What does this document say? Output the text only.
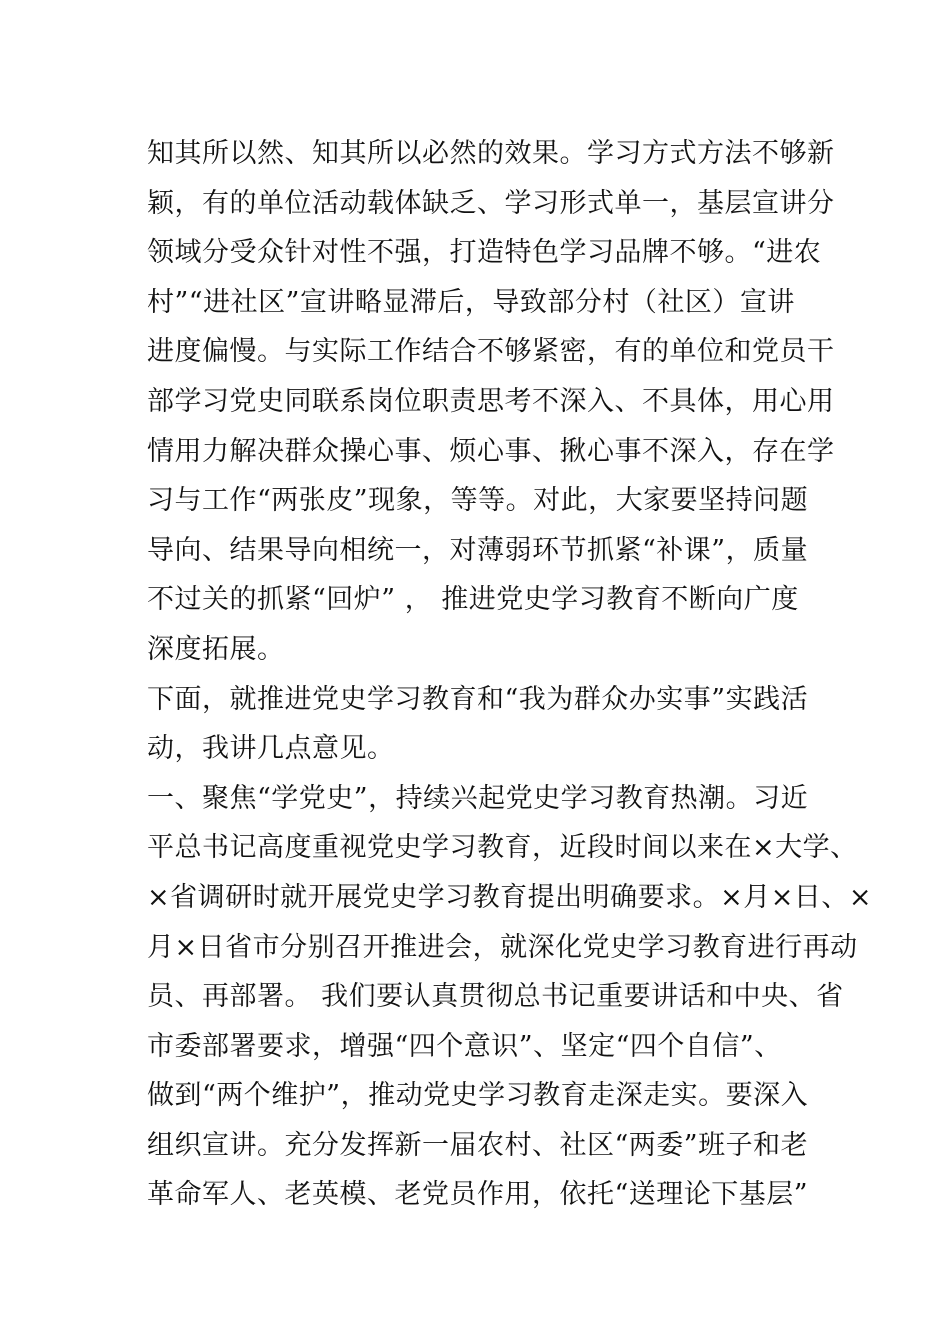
知其所以然、知其所以必然的效果。学习方式方法不够新
颖，有的单位活动载体缺乏、学习形式单一，基层宣讲分
领域分受众针对性不强，打造特色学习品牌不够。“进农
村”“进社区”宣讲略显滞后，导致部分村（社区）宣讲
进度偏慢。与实际工作结合不够紧密，有的单位和党员干
部学习党史同联系岗位职责思考不深入、不具体，用心用
情用力解决群众操心事、烦心事、揪心事不深入，存在学
习与工作“两张皮”现象，等等。对此，大家要坚持问题
导向、结果导向相统一，对薄弱环节抓紧“补课”，质量
不过关的抓紧“回炉” ， 推进党史学习教育不断向广度
深度拓展。
下面，就推进党史学习教育和“我为群众办实事”实践活
动，我讲几点意见。
一、聚焦“学党史”，持续兴起党史学习教育热潮。习近
平总书记高度重视党史学习教育，近段时间以来在×大学、
×省调研时就开展党史学习教育提出明确要求。×月×日、×
月×日省市分别召开推进会，就深化党史学习教育进行再动
员、再部署。 我们要认真贯彻总书记重要讲话和中央、省
市委部署要求，增强“四个意识”、坚定“四个自信”、
做到“两个维护”，推动党史学习教育走深走实。要深入
组织宣讲。充分发挥新一届农村、社区“两委”班子和老
革命军人、老英模、老党员作用，依托“送理论下基层”
